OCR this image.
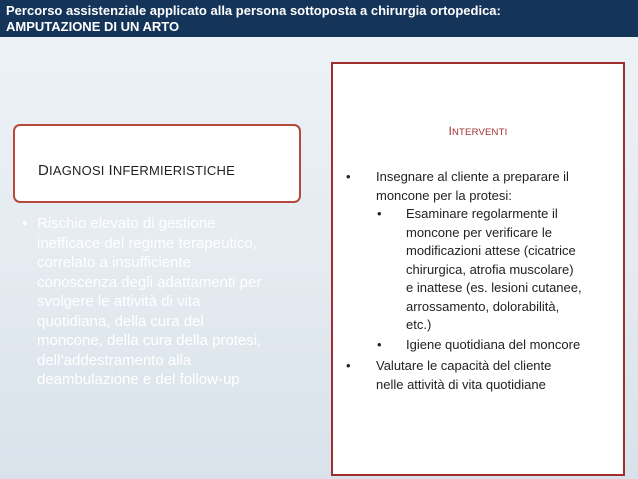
Percorso assistenziale applicato alla persona sottoposta a chirurgia ortopedica:
AMPUTAZIONE DI UN ARTO
DIAGNOSI INFERMIERISTICHE
• Rischio elevato di gestione
inefficace del regime terapeutico,
correlato a insufficiente
conoscenza degli adattamenti per
svolgere le attività di vita
quotidiana, della cura del
moncone, della cura della protesi,
dell’addestramento alla
deambulazione e del follow-up
INTERVENTI
• Insegnare al cliente a preparare il
moncone per la protesi:
• Esaminare regolarmente il
moncone per verificare le
modificazioni attese (cicatrice
chirurgica, atrofia muscolare)
e inattese (es. lesioni cutanee,
arrossamento, dolorabilità,
etc.)
• Igiene quotidiana del moncore
• Valutare le capacità del cliente
nelle attività di vita quotidiane
